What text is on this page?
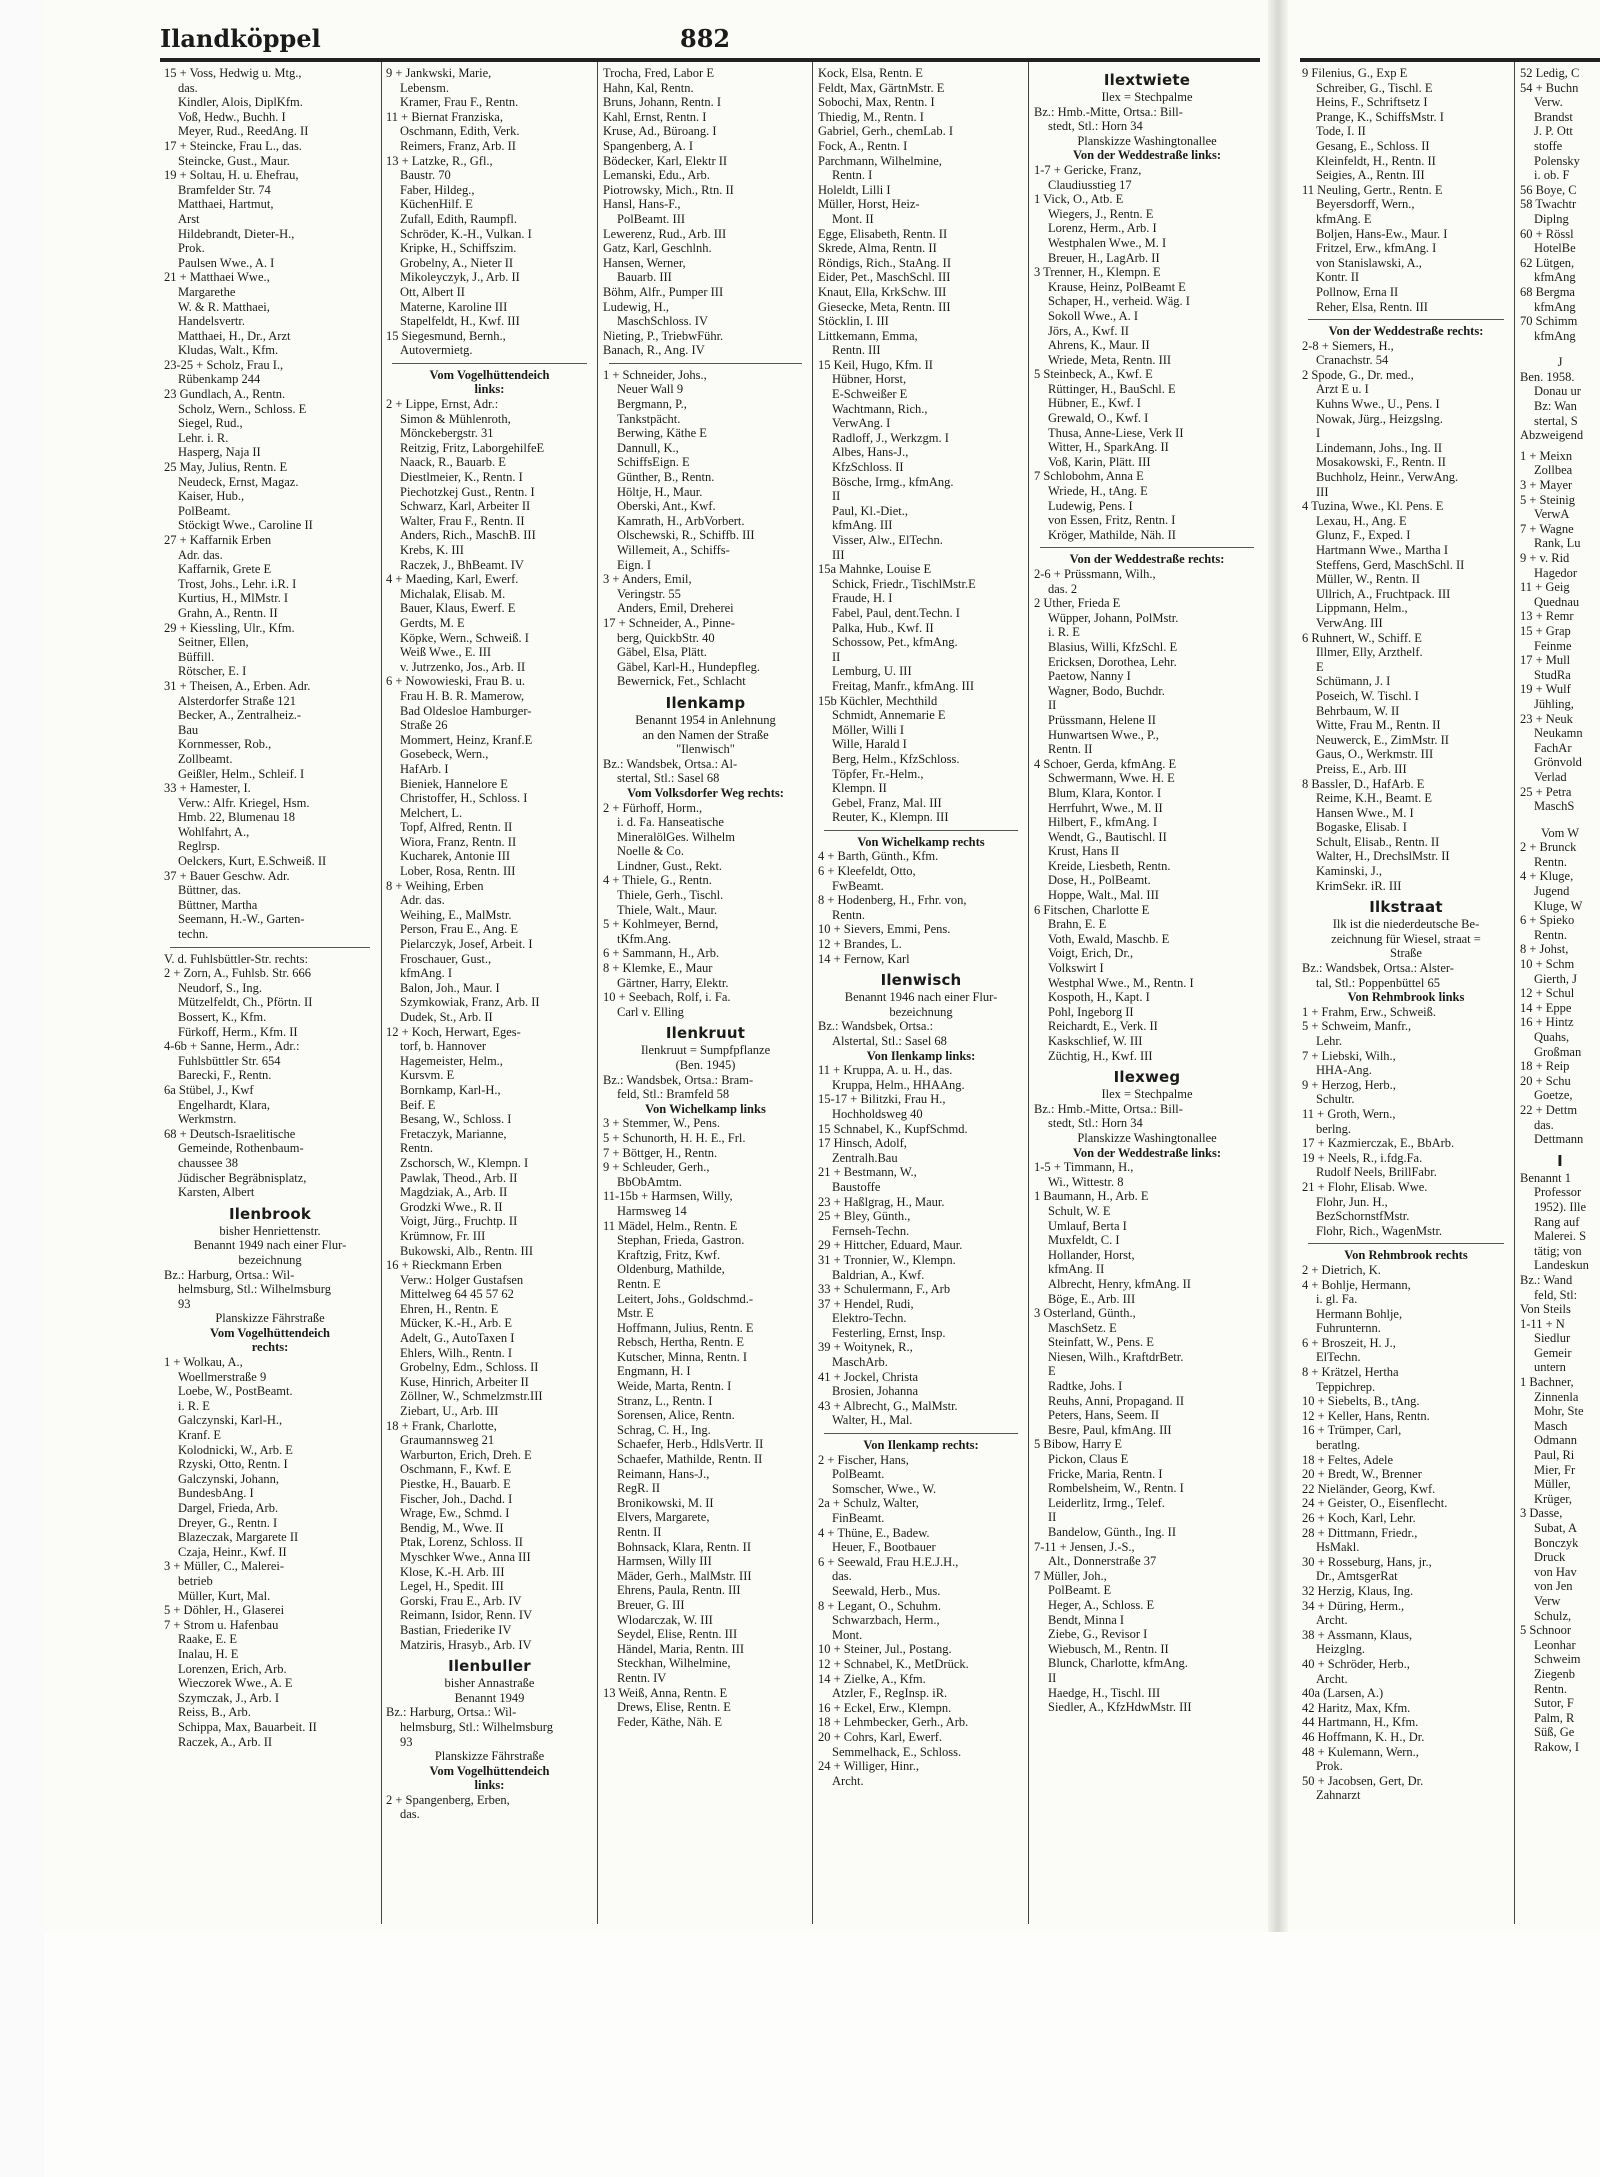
Ilandköppel	882
15 + Voss, Hedwig u. Mtg.,
das.
Kindler, Alois, DiplKfm.
Voß, Hedw., Buchh. I
Meyer, Rud., ReedAng. II
17 + Steincke, Frau L., das.
Steincke, Gust., Maur.
19 + Soltau, H. u. Ehefrau,
Bramfelder Str. 74
Matthaei, Hartmut,
Arst
Hildebrandt, Dieter-H.,
Prok.
Paulsen Wwe., A. I
21 + Matthaei Wwe.,
Margarethe
W. & R. Matthaei,
Handelsvertr.
Matthaei, H., Dr., Arzt
Kludas, Walt., Kfm.
23-25 + Scholz, Frau I.,
Rübenkamp 244
23 Gundlach, A., Rentn.
Scholz, Wern., Schloss. E
Siegel, Rud.,
Lehr. i. R.
Hasperg, Naja II
25 May, Julius, Rentn. E
Neudeck, Ernst, Magaz.
Kaiser, Hub.,
PolBeamt.
Stöckigt Wwe., Caroline II
27 + Kaffarnik Erben
Adr. das.
Kaffarnik, Grete E
Trost, Johs., Lehr. i.R. I
Kurtius, H., MlMstr. I
Grahn, A., Rentn. II
29 + Kiessling, Ulr., Kfm.
Seitner, Ellen,
Büffill.
Rötscher, E. I
31 + Theisen, A., Erben. Adr.
Alsterdorfer Straße 121
Becker, A., Zentralheiz.-
Bau
Kornmesser, Rob.,
Zollbeamt.
Geißler, Helm., Schleif. I
33 + Hamester, I.
Verw.: Alfr. Kriegel, Hsm.
Hmb. 22, Blumenau 18
Wohlfahrt, A.,
Reglrsp.
Oelckers, Kurt, E.Schweiß. II
37 + Bauer Geschw. Adr.
Büttner, das.
Büttner, Martha
Seemann, H.-W., Garten-
techn.
V. d. Fuhlsbüttler-Str. rechts:
2 + Zorn, A., Fuhlsb. Str. 666
Neudorf, S., Ing.
Mützelfeldt, Ch., Pförtn. II
Bossert, K., Kfm.
Fürkoff, Herm., Kfm. II
4-6b + Sanne, Herm., Adr.:
Fuhlsbüttler Str. 654
Barecki, F., Rentn.
6a Stübel, J., Kwf
Engelhardt, Klara,
Werkmstrn.
68 + Deutsch-Israelitische
Gemeinde, Rothenbaum-
chaussee 38
Jüdischer Begräbnisplatz,
Karsten, Albert
Ilenbrook
bisher Henriettenstr.
Benannt 1949 nach einer Flur-
bezeichnung
Bz.: Harburg, Ortsa.: Wil-
helmsburg, Stl.: Wilhelmsburg
93
Planskizze Fährstraße
Vom Vogelhüttendeich
rechts:
1 + Wolkau, A.,
Woellmerstraße 9
Loebe, W., PostBeamt.
i. R. E
Galczynski, Karl-H.,
Kranf. E
Kolodnicki, W., Arb. E
Rzyski, Otto, Rentn. I
Galczynski, Johann,
BundesbAng. I
Dargel, Frieda, Arb.
Dreyer, G., Rentn. I
Blazeczak, Margarete II
Czaja, Heinr., Kwf. II
3 + Müller, C., Malerei-
betrieb
Müller, Kurt, Mal.
5 + Döhler, H., Glaserei
7 + Strom u. Hafenbau
Raake, E. E
Inalau, H. E
Lorenzen, Erich, Arb.
Wieczorek Wwe., A. E
Szymczak, J., Arb. I
Reiss, B., Arb.
Schippa, Max, Bauarbeit. II
Raczek, A., Arb. II
9 + Jankwski, Marie,
Lebensm.
Kramer, Frau F., Rentn.
11 + Biernat Franziska,
Oschmann, Edith, Verk.
Reimers, Franz, Arb. II
13 + Latzke, R., Gfl.,
Baustr. 70
Faber, Hildeg.,
KüchenHilf. E
Zufall, Edith, Raumpfl.
Schröder, K.-H., Vulkan. I
Kripke, H., Schiffszim.
Grobelny, A., Nieter II
Mikoleyczyk, J., Arb. II
Ott, Albert II
Materne, Karoline III
Stapelfeldt, H., Kwf. III
15 Siegesmund, Bernh.,
Autovermietg.
Vom Vogelhüttendeich
links:
2 + Lippe, Ernst, Adr.:
Simon & Mühlenroth,
Mönckebergstr. 31
Reitzig, Fritz, LaborgehilfeE
Naack, R., Bauarb. E
Diestlmeier, K., Rentn. I
Piechotzkej Gust., Rentn. I
Schwarz, Karl, Arbeiter II
Walter, Frau F., Rentn. II
Anders, Rich., MaschB. III
Krebs, K. III
Raczek, J., BhBeamt. IV
4 + Maeding, Karl, Ewerf.
Michalak, Elisab. M.
Bauer, Klaus, Ewerf. E
Gerdts, M. E
Köpke, Wern., Schweiß. I
Weiß Wwe., E. III
v. Jutrzenko, Jos., Arb. II
6 + Nowowieski, Frau B. u.
Frau H. B. R. Mamerow,
Bad Oldesloe Hamburger-
Straße 26
Mommert, Heinz, Kranf.E
Gosebeck, Wern.,
HafArb. I
Bieniek, Hannelore E
Christoffer, H., Schloss. I
Melchert, L.
Topf, Alfred, Rentn. II
Wiora, Franz, Rentn. II
Kucharek, Antonie III
Lober, Rosa, Rentn. III
8 + Weihing, Erben
Adr. das.
Weihing, E., MalMstr.
Person, Frau E., Ang. E
Pielarczyk, Josef, Arbeit. I
Froschauer, Gust.,
kfmAng. I
Balon, Joh., Maur. I
Szymkowiak, Franz, Arb. II
Dudek, St., Arb. II
12 + Koch, Herwart, Eges-
torf, b. Hannover
Hagemeister, Helm.,
Kursvm. E
Bornkamp, Karl-H.,
Beif. E
Besang, W., Schloss. I
Fretaczyk, Marianne,
Rentn.
Zschorsch, W., Klempn. I
Pawlak, Theod., Arb. II
Magdziak, A., Arb. II
Grodzki Wwe., R. II
Voigt, Jürg., Fruchtp. II
Krümnow, Fr. III
Bukowski, Alb., Rentn. III
16 + Rieckmann Erben
Verw.: Holger Gustafsen
Mittelweg 64 45 57 62
Ehren, H., Rentn. E
Mücker, K.-H., Arb. E
Adelt, G., AutoTaxen I
Ehlers, Wilh., Rentn. I
Grobelny, Edm., Schloss. II
Kuse, Hinrich, Arbeiter II
Zöllner, W., Schmelzmstr.III
Ziebart, U., Arb. III
18 + Frank, Charlotte,
Graumannsweg 21
Warburton, Erich, Dreh. E
Oschmann, F., Kwf. E
Piestke, H., Bauarb. E
Fischer, Joh., Dachd. I
Wrage, Ew., Schmd. I
Bendig, M., Wwe. II
Ptak, Lorenz, Schloss. II
Myschker Wwe., Anna III
Klose, K.-H. Arb. III
Legel, H., Spedit. III
Gorski, Frau E., Arb. IV
Reimann, Isidor, Renn. IV
Bastian, Friederike IV
Matziris, Hrasyb., Arb. IV
Ilenbuller
bisher Annastraße
Benannt 1949
Bz.: Harburg, Ortsa.: Wil-
helmsburg, Stl.: Wilhelmsburg
93
Planskizze Fährstraße
Vom Vogelhüttendeich
links:
2 + Spangenberg, Erben,
das.
Trocha, Fred, Labor E
Hahn, Kal, Rentn.
Bruns, Johann, Rentn. I
Kahl, Ernst, Rentn. I
Kruse, Ad., Büroang. I
Spangenberg, A. I
Bödecker, Karl, Elektr II
Lemanski, Edu., Arb.
Piotrowsky, Mich., Rtn. II
Hansl, Hans-F.,
PolBeamt. III
Lewerenz, Rud., Arb. III
Gatz, Karl, Geschlnh.
Hansen, Werner,
Bauarb. III
Böhm, Alfr., Pumper III
Ludewig, H.,
MaschSchloss. IV
Nieting, P., TriebwFühr.
Banach, R., Ang. IV
1 + Schneider, Johs.,
Neuer Wall 9
Bergmann, P.,
Tankstpächt.
Berwing, Käthe E
Dannull, K.,
SchiffsEign. E
Günther, B., Rentn.
Höltje, H., Maur.
Oberski, Ant., Kwf.
Kamrath, H., ArbVorbert.
Olschewski, R., Schiffb. III
Willemeit, A., Schiffs-
Eign. I
3 + Anders, Emil,
Veringstr. 55
Anders, Emil, Dreherei
17 + Schneider, A., Pinne-
berg, QuickbStr. 40
Gäbel, Elsa, Plätt.
Gäbel, Karl-H., Hundepfleg.
Bewernick, Fet., Schlacht
Ilenkamp
Benannt 1954 in Anlehnung
an den Namen der Straße
"Ilenwisch"
Bz.: Wandsbek, Ortsa.: Al-
stertal, Stl.: Sasel 68
Vom Volksdorfer Weg rechts:
2 + Fürhoff, Horm.,
i. d. Fa. Hanseatische
MineralölGes. Wilhelm
Noelle & Co.
Lindner, Gust., Rekt.
4 + Thiele, G., Rentn.
Thiele, Gerh., Tischl.
Thiele, Walt., Maur.
5 + Kohlmeyer, Bernd,
tKfm.Ang.
6 + Sammann, H., Arb.
8 + Klemke, E., Maur
Gärtner, Harry, Elektr.
10 + Seebach, Rolf, i. Fa.
Carl v. Elling
Ilenkruut
Ilenkruut = Sumpfpflanze
(Ben. 1945)
Bz.: Wandsbek, Ortsa.: Bram-
feld, Stl.: Bramfeld 58
Von Wichelkamp links
3 + Stemmer, W., Pens.
5 + Schunorth, H. H. E., Frl.
7 + Böttger, H., Rentn.
9 + Schleuder, Gerh.,
BbObAmtm.
11-15b + Harmsen, Willy,
Harmsweg 14
11 Mädel, Helm., Rentn. E
Stephan, Frieda, Gastron.
Kraftzig, Fritz, Kwf.
Oldenburg, Mathilde,
Rentn. E
Leitert, Johs., Goldschmd.-
Mstr. E
Hoffmann, Julius, Rentn. E
Rebsch, Hertha, Rentn. E
Kutscher, Minna, Rentn. I
Engmann, H. I
Weide, Marta, Rentn. I
Stranz, L., Rentn. I
Sorensen, Alice, Rentn.
Schrag, C. H., Ing.
Schaefer, Herb., HdlsVertr. II
Schaefer, Mathilde, Rentn. II
Reimann, Hans-J.,
RegR. II
Bronikowski, M. II
Elvers, Margarete,
Rentn. II
Bohnsack, Klara, Rentn. II
Harmsen, Willy III
Mäder, Gerh., MalMstr. III
Ehrens, Paula, Rentn. III
Breuer, G. III
Wlodarczak, W. III
Seydel, Elise, Rentn. III
Händel, Maria, Rentn. III
Steckhan, Wilhelmine,
Rentn. IV
13 Weiß, Anna, Rentn. E
Drews, Elise, Rentn. E
Feder, Käthe, Näh. E
Kock, Elsa, Rentn. E
Feldt, Max, GärtnMstr. E
Sobochi, Max, Rentn. I
Thiedig, M., Rentn. I
Gabriel, Gerh., chemLab. I
Fock, A., Rentn. I
Parchmann, Wilhelmine,
Rentn. I
Holeldt, Lilli I
Müller, Horst, Heiz-
Mont. II
Egge, Elisabeth, Rentn. II
Skrede, Alma, Rentn. II
Röndigs, Rich., StaAng. II
Eider, Pet., MaschSchl. III
Knaut, Ella, KrkSchw. III
Giesecke, Meta, Rentn. III
Stöcklin, I. III
Littkemann, Emma,
Rentn. III
15 Keil, Hugo, Kfm. II
Hübner, Horst,
E-Schweißer E
Wachtmann, Rich.,
VerwAng. I
Radloff, J., Werkzgm. I
Albes, Hans-J.,
KfzSchloss. II
Bösche, Irmg., kfmAng.
II
Paul, Kl.-Diet.,
kfmAng. III
Visser, Alw., ElTechn.
III
15a Mahnke, Louise E
Schick, Friedr., TischlMstr.E
Fraude, H. I
Fabel, Paul, dent.Techn. I
Palka, Hub., Kwf. II
Schossow, Pet., kfmAng.
II
Lemburg, U. III
Freitag, Manfr., kfmAng. III
15b Küchler, Mechthild
Schmidt, Annemarie E
Möller, Willi I
Wille, Harald I
Berg, Helm., KfzSchloss.
Töpfer, Fr.-Helm.,
Klempn. II
Gebel, Franz, Mal. III
Reuter, K., Klempn. III
Von Wichelkamp rechts
4 + Barth, Günth., Kfm.
6 + Kleefeldt, Otto,
FwBeamt.
8 + Hodenberg, H., Frhr. von,
Rentn.
10 + Sievers, Emmi, Pens.
12 + Brandes, L.
14 + Fernow, Karl
Ilenwisch
Benannt 1946 nach einer Flur-
bezeichnung
Bz.: Wandsbek, Ortsa.:
Alstertal, Stl.: Sasel 68
Von Ilenkamp links:
11 + Kruppa, A. u. H., das.
Kruppa, Helm., HHAAng.
15-17 + Bilitzki, Frau H.,
Hochholdsweg 40
15 Schnabel, K., KupfSchmd.
17 Hinsch, Adolf,
Zentralh.Bau
21 + Bestmann, W.,
Baustoffe
23 + Haßlgrag, H., Maur.
25 + Bley, Günth.,
Fernseh-Techn.
29 + Hittcher, Eduard, Maur.
31 + Tronnier, W., Klempn.
Baldrian, A., Kwf.
33 + Schulermann, F., Arb
37 + Hendel, Rudi,
Elektro-Techn.
Festerling, Ernst, Insp.
39 + Woitynek, R.,
MaschArb.
41 + Jockel, Christa
Brosien, Johanna
43 + Albrecht, G., MalMstr.
Walter, H., Mal.
Von Ilenkamp rechts:
2 + Fischer, Hans,
PolBeamt.
Somscher, Wwe., W.
2a + Schulz, Walter,
FinBeamt.
4 + Thüne, E., Badew.
Heuer, F., Bootbauer
6 + Seewald, Frau H.E.J.H.,
das.
Seewald, Herb., Mus.
8 + Legant, O., Schuhm.
Schwarzbach, Herm.,
Mont.
10 + Steiner, Jul., Postang.
12 + Schnabel, K., MetDrück.
14 + Zielke, A., Kfm.
Atzler, F., RegInsp. iR.
16 + Eckel, Erw., Klempn.
18 + Lehmbecker, Gerh., Arb.
20 + Cohrs, Karl, Ewerf.
Semmelhack, E., Schloss.
24 + Williger, Hinr.,
Archt.
Ilextwiete
Ilex = Stechpalme
Bz.: Hmb.-Mitte, Ortsa.: Bill-
stedt, Stl.: Horn 34
Planskizze Washingtonallee
Von der Weddestraße links:
1-7 + Gericke, Franz,
Claudiusstieg 17
1 Vick, O., Atb. E
Wiegers, J., Rentn. E
Lorenz, Herm., Arb. I
Westphalen Wwe., M. I
Breuer, H., LagArb. II
3 Trenner, H., Klempn. E
Krause, Heinz, PolBeamt E
Schaper, H., verheid. Wäg. I
Sokoll Wwe., A. I
Jörs, A., Kwf. II
Ahrens, K., Maur. II
Wriede, Meta, Rentn. III
5 Steinbeck, A., Kwf. E
Rüttinger, H., BauSchl. E
Hübner, E., Kwf. I
Grewald, O., Kwf. I
Thusa, Anne-Liese, Verk II
Witter, H., SparkAng. II
Voß, Karin, Plätt. III
7 Schlobohm, Anna E
Wriede, H., tAng. E
Ludewig, Pens. I
von Essen, Fritz, Rentn. I
Kröger, Mathilde, Näh. II
Von der Weddestraße rechts:
2-6 + Prüssmann, Wilh.,
das. 2
2 Uther, Frieda E
Wüpper, Johann, PolMstr.
i. R. E
Blasius, Willi, KfzSchl. E
Ericksen, Dorothea, Lehr.
Paetow, Nanny I
Wagner, Bodo, Buchdr.
II
Prüssmann, Helene II
Hunwartsen Wwe., P.,
Rentn. II
4 Schoer, Gerda, kfmAng. E
Schwermann, Wwe. H. E
Blum, Klara, Kontor. I
Herrfuhrt, Wwe., M. II
Hilbert, F., kfmAng. I
Wendt, G., Bautischl. II
Krust, Hans II
Kreide, Liesbeth, Rentn.
Dose, H., PolBeamt.
Hoppe, Walt., Mal. III
6 Fitschen, Charlotte E
Brahn, E. E
Voth, Ewald, Maschb. E
Voigt, Erich, Dr.,
Volkswirt I
Westphal Wwe., M., Rentn. I
Kospoth, H., Kapt. I
Pohl, Ingeborg II
Reichardt, E., Verk. II
Kaskschlief, W. III
Züchtig, H., Kwf. III
Ilexweg
Ilex = Stechpalme
Bz.: Hmb.-Mitte, Ortsa.: Bill-
stedt, Stl.: Horn 34
Planskizze Washingtonallee
Von der Weddestraße links:
1-5 + Timmann, H.,
Wi., Wittestr. 8
1 Baumann, H., Arb. E
Schult, W. E
Umlauf, Berta I
Muxfeldt, C. I
Hollander, Horst,
kfmAng. II
Albrecht, Henry, kfmAng. II
Böge, E., Arb. III
3 Osterland, Günth.,
MaschSetz. E
Steinfatt, W., Pens. E
Niesen, Wilh., KraftdrBetr.
E
Radtke, Johs. I
Reuhs, Anni, Propagand. II
Peters, Hans, Seem. II
Besre, Paul, kfmAng. III
5 Bibow, Harry E
Pickon, Claus E
Fricke, Maria, Rentn. I
Rombelsheim, W., Rentn. I
Leiderlitz, Irmg., Telef.
II
Bandelow, Günth., Ing. II
7-11 + Jensen, J.-S.,
Alt., Donnerstraße 37
7 Müller, Joh.,
PolBeamt. E
Heger, A., Schloss. E
Bendt, Minna I
Ziebe, G., Revisor I
Wiebusch, M., Rentn. II
Blunck, Charlotte, kfmAng.
II
Haedge, H., Tischl. III
Siedler, A., KfzHdwMstr. III
9 Filenius, G., Exp E
Schreiber, G., Tischl. E
Heins, F., Schriftsetz I
Prange, K., SchiffsMstr. I
Tode, I. II
Gesang, E., Schloss. II
Kleinfeldt, H., Rentn. II
Seigies, A., Rentn. III
11 Neuling, Gertr., Rentn. E
Beyersdorff, Wern.,
kfmAng. E
Boljen, Hans-Ew., Maur. I
Fritzel, Erw., kfmAng. I
von Stanislawski, A.,
Kontr. II
Pollnow, Erna II
Reher, Elsa, Rentn. III
Von der Weddestraße rechts:
2-8 + Siemers, H.,
Cranachstr. 54
2 Spode, G., Dr. med.,
Arzt E u. I
Kuhns Wwe., U., Pens. I
Nowak, Jürg., Heizgslng.
I
Lindemann, Johs., Ing. II
Mosakowski, F., Rentn. II
Buchholz, Heinr., VerwAng.
III
4 Tuzina, Wwe., Kl. Pens. E
Lexau, H., Ang. E
Glunz, F., Exped. I
Hartmann Wwe., Martha I
Steffens, Gerd, MaschSchl. II
Müller, W., Rentn. II
Ullrich, A., Fruchtpack. III
Lippmann, Helm.,
VerwAng. III
6 Ruhnert, W., Schiff. E
Illmer, Elly, Arzthelf.
E
Schümann, J. I
Poseich, W. Tischl. I
Behrbaum, W. II
Witte, Frau M., Rentn. II
Neuwerck, E., ZimMstr. II
Gaus, O., Werkmstr. III
Preiss, E., Arb. III
8 Bassler, D., HafArb. E
Reime, K.H., Beamt. E
Hansen Wwe., M. I
Bogaske, Elisab. I
Schult, Elisab., Rentn. II
Walter, H., DrechslMstr. II
Kaminski, J.,
KrimSekr. iR. III
Ilkstraat
Ilk ist die niederdeutsche Be-
zeichnung für Wiesel, straat =
Straße
Bz.: Wandsbek, Ortsa.: Alster-
tal, Stl.: Poppenbüttel 65
Von Rehmbrook links
1 + Frahm, Erw., Schweiß.
5 + Schweim, Manfr.,
Lehr.
7 + Liebski, Wilh.,
HHA-Ang.
9 + Herzog, Herb.,
Schultr.
11 + Groth, Wern.,
berlng.
17 + Kazmierczak, E., BbArb.
19 + Neels, R., i.fdg.Fa.
Rudolf Neels, BrillFabr.
21 + Flohr, Elisab. Wwe.
Flohr, Jun. H.,
BezSchornstfMstr.
Flohr, Rich., WagenMstr.
Von Rehmbrook rechts
2 + Dietrich, K.
4 + Bohlje, Hermann,
i. gl. Fa.
Hermann Bohlje,
Fuhrunternn.
6 + Broszeit, H. J.,
ElTechn.
8 + Krätzel, Hertha
Teppichrep.
10 + Siebelts, B., tAng.
12 + Keller, Hans, Rentn.
16 + Trümper, Carl,
beratlng.
18 + Feltes, Adele
20 + Bredt, W., Brenner
22 Nieländer, Georg, Kwf.
24 + Geister, O., Eisenflecht.
26 + Koch, Karl, Lehr.
28 + Dittmann, Friedr.,
HsMakl.
30 + Rosseburg, Hans, jr.,
Dr., AmtsgerRat
32 Herzig, Klaus, Ing.
34 + Düring, Herm.,
Archt.
38 + Assmann, Klaus,
Heizglng.
40 + Schröder, Herb.,
Archt.
40a (Larsen, A.)
42 Haritz, Max, Kfm.
44 Hartmann, H., Kfm.
46 Hoffmann, K. H., Dr.
48 + Kulemann, Wern.,
Prok.
50 + Jacobsen, Gert, Dr.
Zahnarzt
52 Ledig, C
54 + Buchn
Verw.
Brandst
J. P. Ott
stoffe
Polensky
i. ob. F
56 Boye, C
58 Twachtr
Diplng
60 + Rössl
HotelBe
62 Lütgen,
kfmAng
68 Bergma
kfmAng
70 Schimm
kfmAng
J
Ben. 1958.
Donau ur
Bz: Wan
stertal, S
Abzweigend
1 + Meixn
Zollbea
3 + Mayer
5 + Steinig
VerwA
7 + Wagne
Rank, Lu
9 + v. Rid
Hagedor
11 + Geig
Quednau
13 + Remr
15 + Grap
Feinme
17 + Mull
StudRa
19 + Wulf
Jühling,
23 + Neuk
Neukamn
FachAr
Grönvold
Verlad
25 + Petra
MaschS
Vom W
2 + Brunck
Rentn.
4 + Kluge,
Jugend
Kluge, W
6 + Spieko
Rentn.
8 + Johst,
10 + Schm
Gierth, J
12 + Schul
14 + Eppe
16 + Hintz
Quahs,
Großman
18 + Reip
20 + Schu
Goetze,
22 + Dettm
das.
Dettmann
I
Benannt 1
Professor
1952). Ille
Rang auf
Malerei. S
tätig; von
Landeskun
Bz.: Wand
feld, Stl:
Von Steils
1-11 + N
Siedlur
Gemeir
untern
1 Bachner,
Zinnenla
Mohr, Ste
Masch
Odmann
Paul, Ri
Mier, Fr
Müller,
Krüger,
3 Dasse,
Subat, A
Bonczyk
Druck
von Hav
von Jen
Verw
Schulz,
5 Schnoor
Leonhar
Schweim
Ziegenb
Rentn.
Sutor, F
Palm, R
Süß, Ge
Rakow, I
